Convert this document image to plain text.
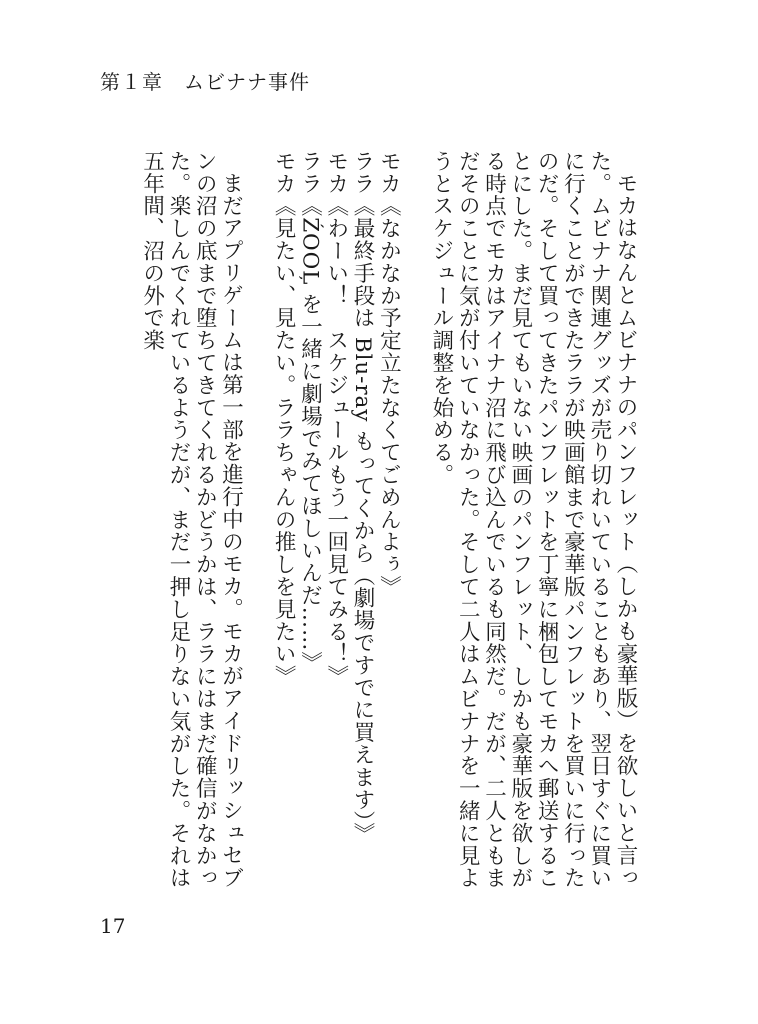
第１章　ムビナナ事件

モカはなんとムビナナのパンフレット（しかも豪華版）を欲しいと言った。ムビナナ関連グッズが売り切れいていることもあり、翌日すぐに買いに行くことができたララが映画館まで豪華版パンフレットを買いに行ったのだ。そして買ってきたパンフレットを丁寧に梱包してモカへ郵送することにした。まだ見てもいない映画のパンフレット、しかも豪華版を欲しがる時点でモカはアイナナ沼に飛び込んでいるも同然だ。だが、二人ともまだそのことに気が付いていなかった。そして二人はムビナナを一緒に見ようとスケジュール調整を始める。

モカ《なかなか予定立たなくてごめんよぅ》

ララ《最終手段は Blu-ray もってくから（劇場ですでに買えます）》

モカ《わーい！　スケジュールもう一回見てみる！》

ララ《ŹOOĻ を一緒に劇場でみてほしいんだ……》

モカ《見たい、見たい。ララちゃんの推しを見たい》

まだアプリゲームは第一部を進行中のモカ。モカがアイドリッシュセブンの沼の底まで堕ちてきてくれるかどうかは、ララにはまだ確信がなかった。楽しんでくれているようだが、まだ一押し足りない気がした。それは五年間、沼の外で楽

17
